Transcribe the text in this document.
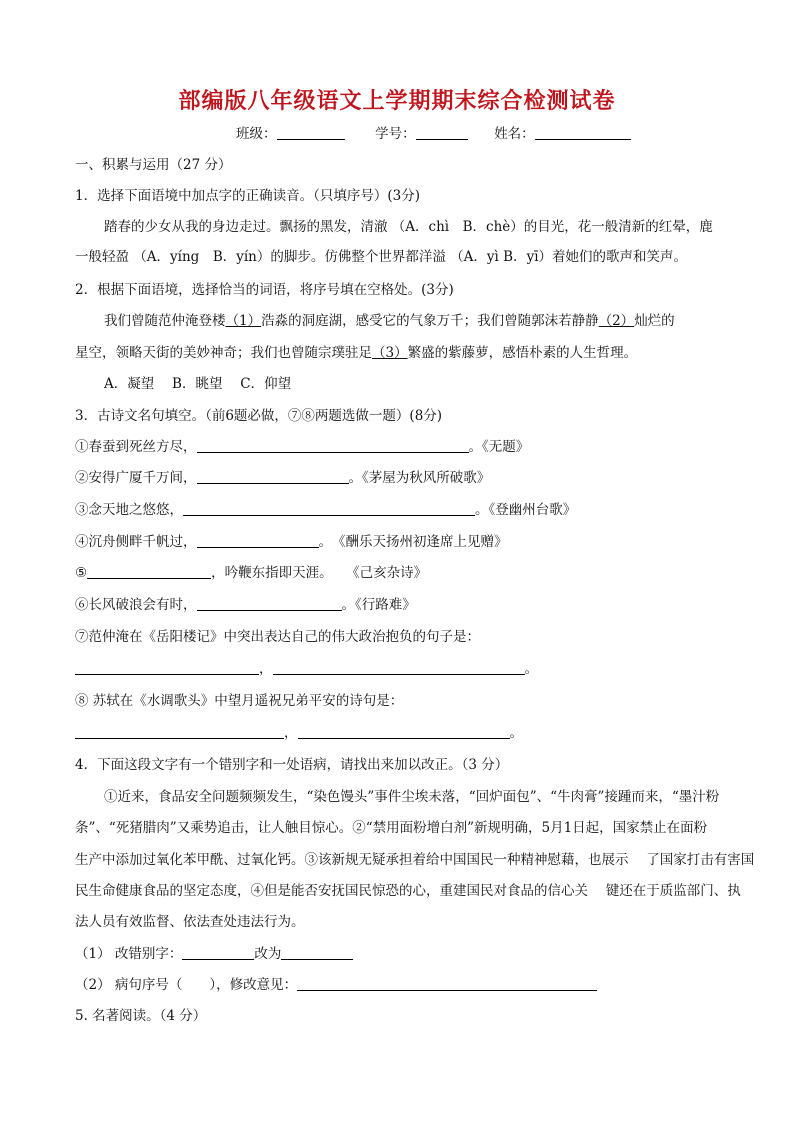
部编版八年级语文上学期期末综合检测试卷
班级：	学号：	姓名：
一、积累与运用（27 分）
1．选择下面语境中加点字的正确读音。（只填序号）(3分)
踏春的少女从我的身边走过。飘扬的黑发，清澈 （A．chì　B．chè）的目光，花一般清新的红晕，鹿
一般轻盈 （A．yíng　B．yín）的脚步。仿佛整个世界都洋溢 （A．yì B．yī）着她们的歌声和笑声。
2．根据下面语境，选择恰当的词语，将序号填在空格处。(3分)
我们曾随范仲淹登楼（1）浩淼的洞庭湖，感受它的气象万千；我们曾随郭沫若静静（2）灿烂的
星空，领略天街的美妙神奇；我们也曾随宗璞驻足（3）繁盛的紫藤萝，感悟朴素的人生哲理。
A．凝望　 B．眺望　 C．仰望
3．古诗文名句填空。（前6题必做，⑦⑧两题选做一题）(8分)
①春蚕到死丝方尽，	。《无题》
②安得广厦千万间，	。《茅屋为秋风所破歌》
③念天地之悠悠，	。《登幽州台歌》
④沉舟侧畔千帆过，	。　《酬乐天扬州初逢席上见赠》
⑤	，吟鞭东指即天涯。　　《己亥杂诗》
⑥长风破浪会有时，	。《行路难》
⑦范仲淹在《岳阳楼记》中突出表达自己的伟大政治抱负的句子是：
，	。
⑧ 苏轼在《水调歌头》中望月遥祝兄弟平安的诗句是：
，	。
4．下面这段文字有一个错别字和一处语病，请找出来加以改正。（3 分）
①近来，食品安全问题频频发生，“染色馒头”事件尘埃未落，“回炉面包”、“牛肉膏”接踵而来，“墨汁粉
条”、“死猪腊肉”又乘势追击，让人触目惊心。②“禁用面粉增白剂”新规明确，5月1日起，国家禁止在面粉
生产中添加过氧化苯甲酰、过氧化钙。③该新规无疑承担着给中国国民一种精神慰藉，也展示　 了国家打击有害国
民生命健康食品的坚定态度，④但是能否安抚国民惊恐的心，重建国民对食品的信心关　 键还在于质监部门、执
法人员有效监督、依法查处违法行为。
（1） 改错别字：	改为
（2） 病句序号（　　），修改意见：
5. 名著阅读。（4 分）
